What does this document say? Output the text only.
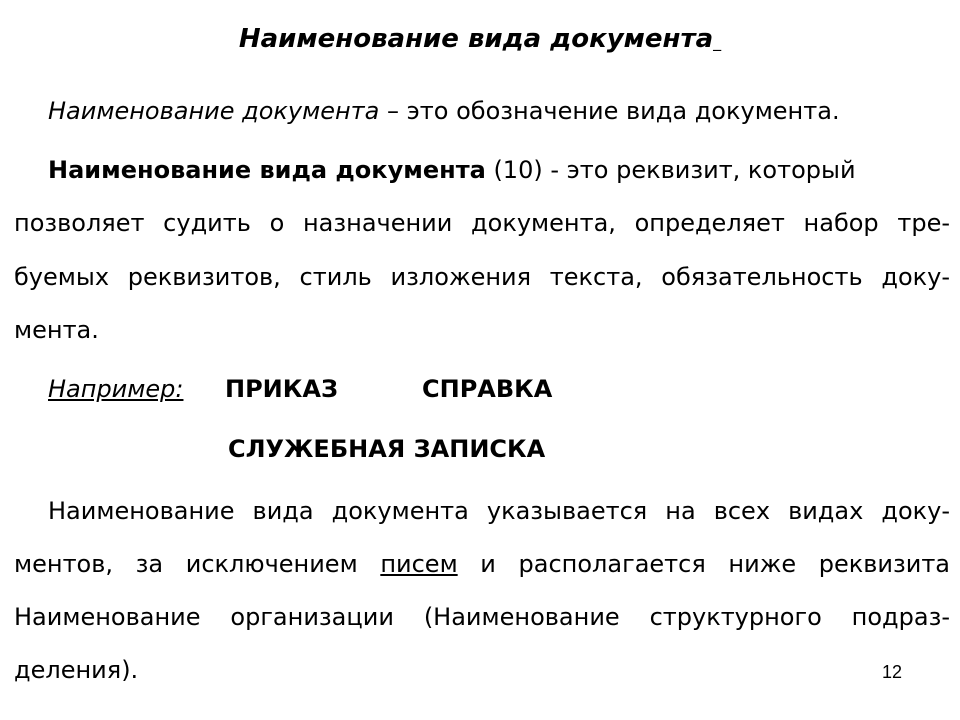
Наименование вида документа_
Наименование документа – это обозначение вида документа.
Наименование вида документа (10) - это реквизит, который
позволяет судить о назначении документа, определяет набор тре-
буемых реквизитов, стиль изложения текста, обязательность доку-
мента.
Например: ПРИКАЗ	СПРАВКА
СЛУЖЕБНАЯ ЗАПИСКА
Наименование вида документа указывается на всех видах доку-
ментов, за исключением писем и располагается ниже реквизита
Наименование организации (Наименование структурного подраз-
деления).	12
